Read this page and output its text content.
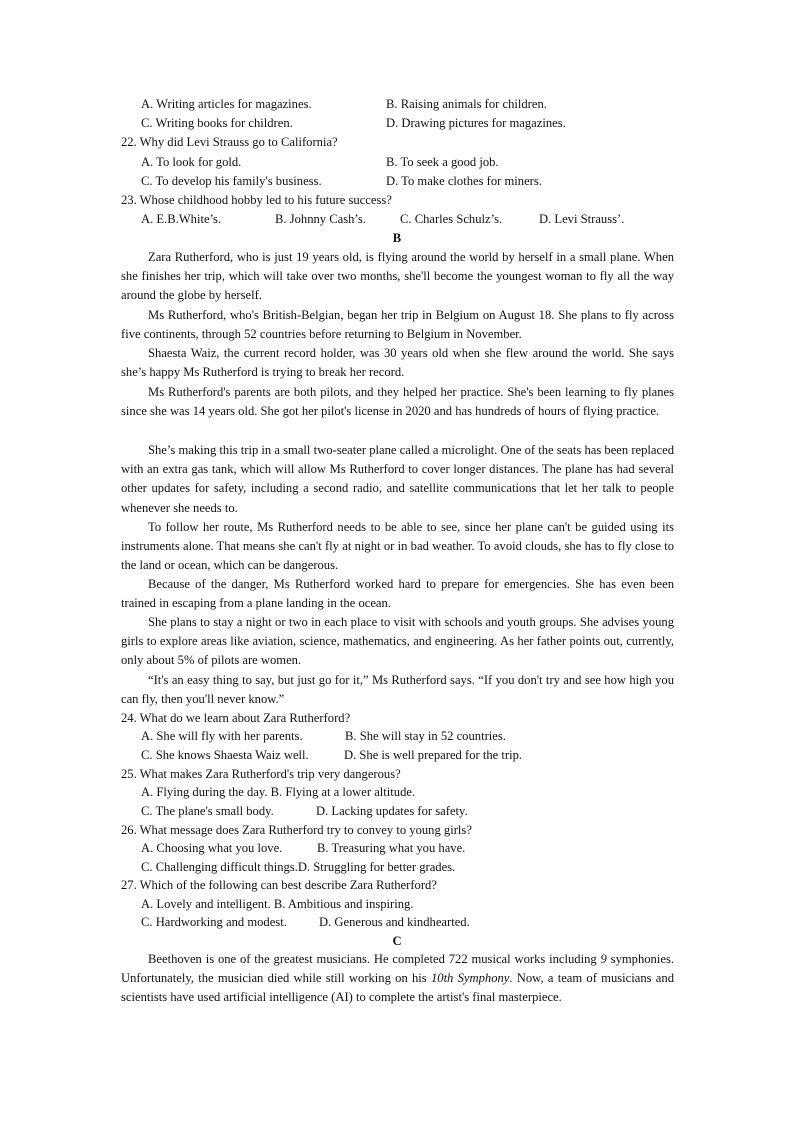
A. Writing articles for magazines.	B. Raising animals for children.
C. Writing books for children.	D. Drawing pictures for magazines.
22. Why did Levi Strauss go to California?
A. To look for gold.	B. To seek a good job.
C. To develop his family's business.	D. To make clothes for miners.
23. Whose childhood hobby led to his future success?
A. E.B.White’s.	B. Johnny Cash’s.	C. Charles Schulz’s.	D. Levi Strauss’.
B

Zara Rutherford, who is just 19 years old, is flying around the world by herself in a small plane. When she finishes her trip, which will take over two months, she'll become the youngest woman to fly all the way around the globe by herself.

Ms Rutherford, who's British-Belgian, began her trip in Belgium on August 18. She plans to fly across five continents, through 52 countries before returning to Belgium in November.

Shaesta Waiz, the current record holder, was 30 years old when she flew around the world. She says she’s happy Ms Rutherford is trying to break her record.

Ms Rutherford's parents are both pilots, and they helped her practice. She's been learning to fly planes since she was 14 years old. She got her pilot's license in 2020 and has hundreds of hours of flying practice.

She’s making this trip in a small two-seater plane called a microlight. One of the seats has been replaced with an extra gas tank, which will allow Ms Rutherford to cover longer distances. The plane has had several other updates for safety, including a second radio, and satellite communications that let her talk to people whenever she needs to.

To follow her route, Ms Rutherford needs to be able to see, since her plane can't be guided using its instruments alone. That means she can't fly at night or in bad weather. To avoid clouds, she has to fly close to the land or ocean, which can be dangerous.

Because of the danger, Ms Rutherford worked hard to prepare for emergencies. She has even been trained in escaping from a plane landing in the ocean.

She plans to stay a night or two in each place to visit with schools and youth groups. She advises young girls to explore areas like aviation, science, mathematics, and engineering. As her father points out, currently, only about 5% of pilots are women.

“It's an easy thing to say, but just go for it,” Ms Rutherford says. “If you don't try and see how high you can fly, then you'll never know.”

24. What do we learn about Zara Rutherford?
A. She will fly with her parents.	B. She will stay in 52 countries.
C. She knows Shaesta Waiz well.	D. She is well prepared for the trip.
25. What makes Zara Rutherford's trip very dangerous?
A. Flying during the day. B. Flying at a lower altitude.
C. The plane's small body.	D. Lacking updates for safety.
26. What message does Zara Rutherford try to convey to young girls?
A. Choosing what you love.	B. Treasuring what you have.
C. Challenging difficult things.D. Struggling for better grades.
27. Which of the following can best describe Zara Rutherford?
A. Lovely and intelligent. B. Ambitious and inspiring.
C. Hardworking and modest.	D. Generous and kindhearted.
C

Beethoven is one of the greatest musicians. He completed 722 musical works including 9 symphonies. Unfortunately, the musician died while still working on his 10th Symphony. Now, a team of musicians and scientists have used artificial intelligence (AI) to complete the artist's final masterpiece.
